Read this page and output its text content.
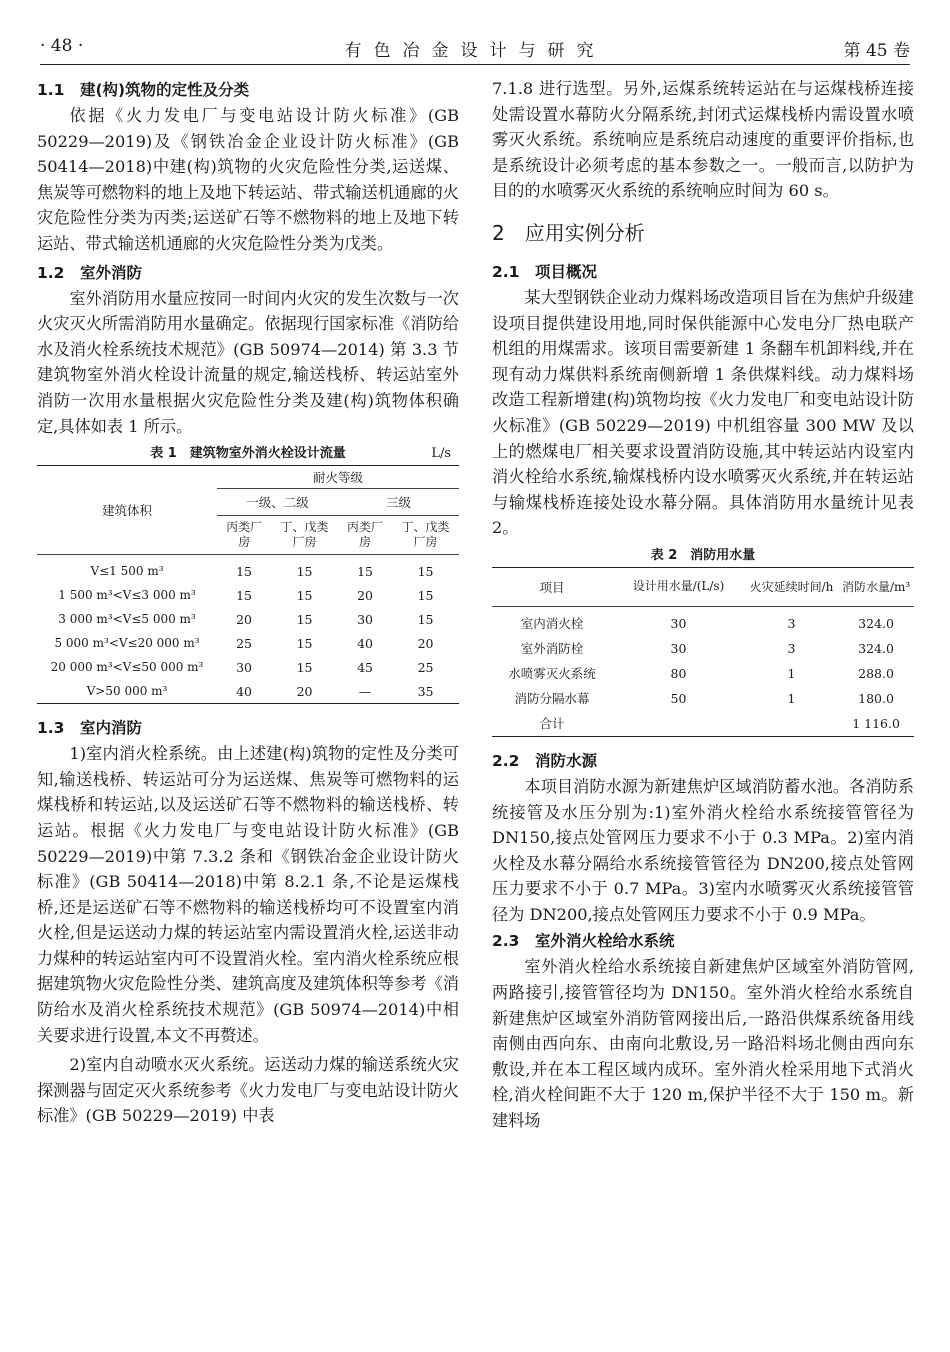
· 48 ·	有色冶金设计与研究	第 45 卷
1.1　建(构)筑物的定性及分类

依据《火力发电厂与变电站设计防火标准》(GB 50229—2019)及《钢铁冶金企业设计防火标准》(GB 50414—2018)中建(构)筑物的火灾危险性分类,运送煤、焦炭等可燃物料的地上及地下转运站、带式输送机通廊的火灾危险性分类为丙类;运送矿石等不燃物料的地上及地下转运站、带式输送机通廊的火灾危险性分类为戊类。

1.2　室外消防

室外消防用水量应按同一时间内火灾的发生次数与一次火灾灭火所需消防用水量确定。依据现行国家标准《消防给水及消火栓系统技术规范》(GB 50974—2014) 第 3.3 节建筑物室外消火栓设计流量的规定,输送栈桥、转运站室外消防一次用水量根据火灾危险性分类及建(构)筑物体积确定,具体如表 1 所示。

表 1　建筑物室外消火栓设计流量	L/s
建筑体积	耐火等级			
	一级、二级		三级	
	丙类厂房	丁、戊类厂房	丙类厂房	丁、戊类厂房
V≤1 500 m³	15	15	15	15
1 500 m³<V≤3 000 m³	15	15	20	15
3 000 m³<V≤5 000 m³	20	15	30	15
5 000 m³<V≤20 000 m³	25	15	40	20
20 000 m³<V≤50 000 m³	30	15	45	25
V>50 000 m³	40	20	—	35
1.3　室内消防

1)室内消火栓系统。由上述建(构)筑物的定性及分类可知,输送栈桥、转运站可分为运送煤、焦炭等可燃物料的运煤栈桥和转运站,以及运送矿石等不燃物料的输送栈桥、转运站。根据《火力发电厂与变电站设计防火标准》(GB 50229—2019)中第 7.3.2 条和《钢铁冶金企业设计防火标准》(GB 50414—2018)中第 8.2.1 条,不论是运煤栈桥,还是运送矿石等不燃物料的输送栈桥均可不设置室内消火栓,但是运送动力煤的转运站室内需设置消火栓,运送非动力煤种的转运站室内可不设置消火栓。室内消火栓系统应根据建筑物火灾危险性分类、建筑高度及建筑体积等参考《消防给水及消火栓系统技术规范》(GB 50974—2014)中相关要求进行设置,本文不再赘述。

2)室内自动喷水灭火系统。运送动力煤的输送系统火灾探测器与固定灭火系统参考《火力发电厂与变电站设计防火标准》(GB 50229—2019) 中表

7.1.8 进行选型。另外,运煤系统转运站在与运煤栈桥连接处需设置水幕防火分隔系统,封闭式运煤栈桥内需设置水喷雾灭火系统。系统响应是系统启动速度的重要评价指标,也是系统设计必须考虑的基本参数之一。一般而言,以防护为目的的水喷雾灭火系统的系统响应时间为 60 s。

2　应用实例分析
2.1　项目概况

某大型钢铁企业动力煤料场改造项目旨在为焦炉升级建设项目提供建设用地,同时保供能源中心发电分厂热电联产机组的用煤需求。该项目需要新建 1 条翻车机卸料线,并在现有动力煤供料系统南侧新增 1 条供煤料线。动力煤料场改造工程新增建(构)筑物均按《火力发电厂和变电站设计防火标准》(GB 50229—2019) 中机组容量 300 MW 及以上的燃煤电厂相关要求设置消防设施,其中转运站内设室内消火栓给水系统,输煤栈桥内设水喷雾灭火系统,并在转运站与输煤栈桥连接处设水幕分隔。具体消防用水量统计见表2。

表 2　消防用水量
项目	设计用水量/(L/s)	火灾延续时间/h	消防水量/m³
室内消火栓	30	3	324.0
室外消防栓	30	3	324.0
水喷雾灭火系统	80	1	288.0
消防分隔水幕	50	1	180.0
合计			1 116.0
2.2　消防水源

本项目消防水源为新建焦炉区域消防蓄水池。各消防系统接管及水压分别为:1)室外消火栓给水系统接管管径为 DN150,接点处管网压力要求不小于 0.3 MPa。2)室内消火栓及水幕分隔给水系统接管管径为 DN200,接点处管网压力要求不小于 0.7 MPa。3)室内水喷雾灭火系统接管管径为 DN200,接点处管网压力要求不小于 0.9 MPa。

2.3　室外消火栓给水系统

室外消火栓给水系统接自新建焦炉区域室外消防管网,两路接引,接管管径均为 DN150。室外消火栓给水系统自新建焦炉区域室外消防管网接出后,一路沿供煤系统备用线南侧由西向东、由南向北敷设,另一路沿料场北侧由西向东敷设,并在本工程区域内成环。室外消火栓采用地下式消火栓,消火栓间距不大于 120 m,保护半径不大于 150 m。新建料场
